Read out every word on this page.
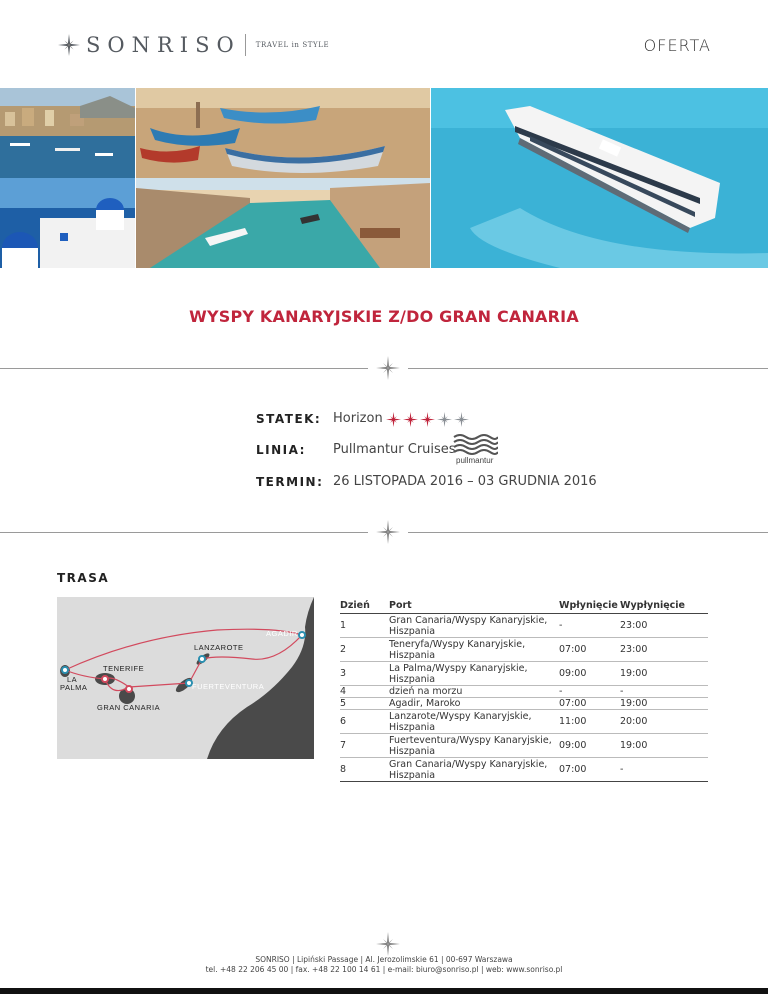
SONRISO TRAVEL in STYLE	OFERTA
WYSPY KANARYJSKIE Z/DO GRAN CANARIA
STATEK: Horizon
LINIA: Pullmantur Cruises
pullmantur
TERMIN: 26 LISTOPADA 2016 – 03 GRUDNIA 2016
TRASA
AGADIR
LANZAROTE
TENERIFE
LA
PALMA	FUERTEVENTURA
GRAN CANARIA
Dzień	Port	Wpłynięcie	Wypłynięcie
1	Gran Canaria/Wyspy Kanaryjskie,
Hiszpania	-	23:00
2	Teneryfa/Wyspy Kanaryjskie,
Hiszpania	07:00	23:00
3	La Palma/Wyspy Kanaryjskie,
Hiszpania	09:00	19:00
4	dzień na morzu	-	-
5	Agadir, Maroko	07:00	19:00
6	Lanzarote/Wyspy Kanaryjskie,
Hiszpania	11:00	20:00
7	Fuerteventura/Wyspy Kanaryjskie,
Hiszpania	09:00	19:00
8	Gran Canaria/Wyspy Kanaryjskie,
Hiszpania	07:00	-
SONRISO | Lipiński Passage | Al. Jerozolimskie 61 | 00-697 Warszawa
tel. +48 22 206 45 00 | fax. +48 22 100 14 61 | e-mail: biuro@sonriso.pl | web: www.sonriso.pl
